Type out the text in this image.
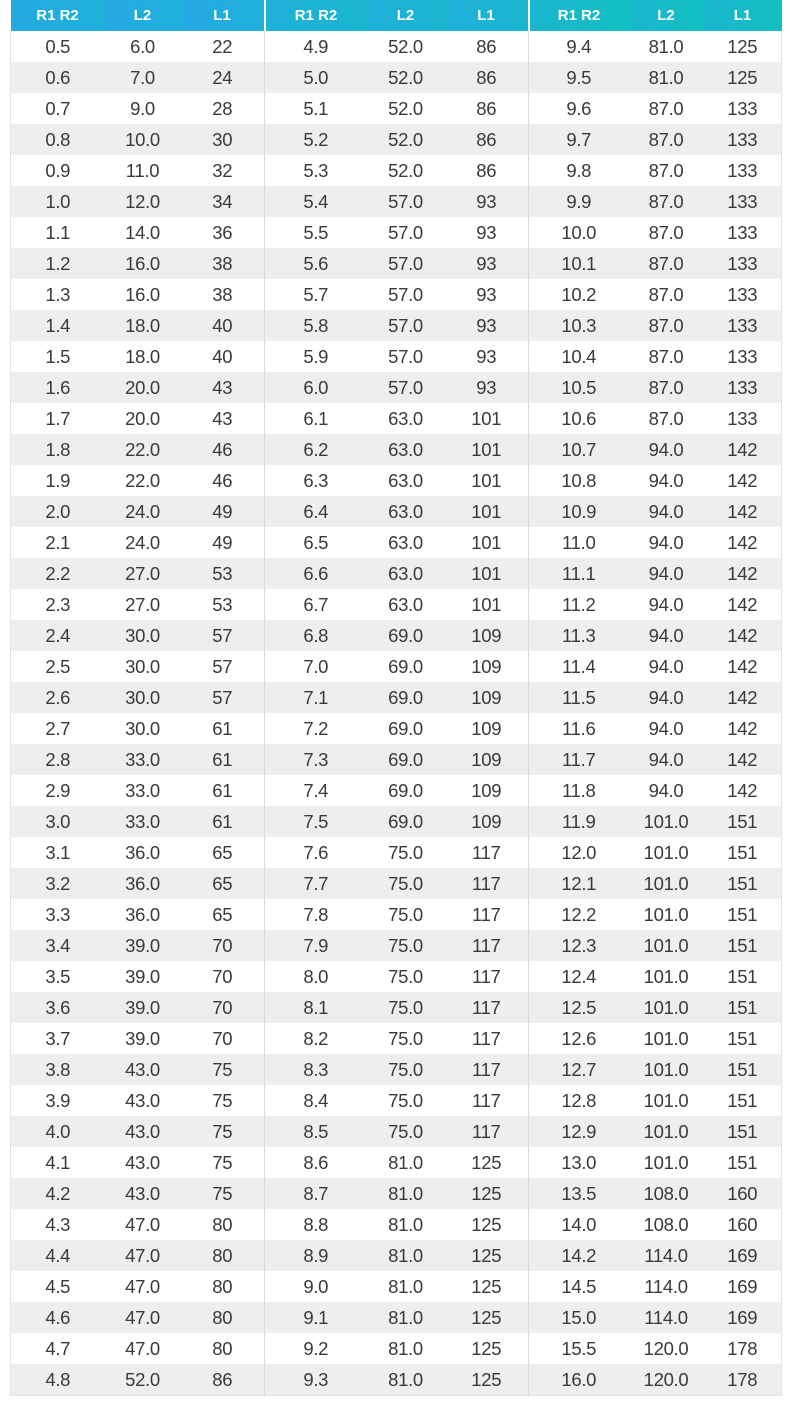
R1 R2	L2	L1	R1 R2	L2	L1	R1 R2	L2	L1
0.5	6.0	22	4.9	52.0	86	9.4	81.0	125
0.6	7.0	24	5.0	52.0	86	9.5	81.0	125
0.7	9.0	28	5.1	52.0	86	9.6	87.0	133
0.8	10.0	30	5.2	52.0	86	9.7	87.0	133
0.9	11.0	32	5.3	52.0	86	9.8	87.0	133
1.0	12.0	34	5.4	57.0	93	9.9	87.0	133
1.1	14.0	36	5.5	57.0	93	10.0	87.0	133
1.2	16.0	38	5.6	57.0	93	10.1	87.0	133
1.3	16.0	38	5.7	57.0	93	10.2	87.0	133
1.4	18.0	40	5.8	57.0	93	10.3	87.0	133
1.5	18.0	40	5.9	57.0	93	10.4	87.0	133
1.6	20.0	43	6.0	57.0	93	10.5	87.0	133
1.7	20.0	43	6.1	63.0	101	10.6	87.0	133
1.8	22.0	46	6.2	63.0	101	10.7	94.0	142
1.9	22.0	46	6.3	63.0	101	10.8	94.0	142
2.0	24.0	49	6.4	63.0	101	10.9	94.0	142
2.1	24.0	49	6.5	63.0	101	11.0	94.0	142
2.2	27.0	53	6.6	63.0	101	11.1	94.0	142
2.3	27.0	53	6.7	63.0	101	11.2	94.0	142
2.4	30.0	57	6.8	69.0	109	11.3	94.0	142
2.5	30.0	57	7.0	69.0	109	11.4	94.0	142
2.6	30.0	57	7.1	69.0	109	11.5	94.0	142
2.7	30.0	61	7.2	69.0	109	11.6	94.0	142
2.8	33.0	61	7.3	69.0	109	11.7	94.0	142
2.9	33.0	61	7.4	69.0	109	11.8	94.0	142
3.0	33.0	61	7.5	69.0	109	11.9	101.0	151
3.1	36.0	65	7.6	75.0	117	12.0	101.0	151
3.2	36.0	65	7.7	75.0	117	12.1	101.0	151
3.3	36.0	65	7.8	75.0	117	12.2	101.0	151
3.4	39.0	70	7.9	75.0	117	12.3	101.0	151
3.5	39.0	70	8.0	75.0	117	12.4	101.0	151
3.6	39.0	70	8.1	75.0	117	12.5	101.0	151
3.7	39.0	70	8.2	75.0	117	12.6	101.0	151
3.8	43.0	75	8.3	75.0	117	12.7	101.0	151
3.9	43.0	75	8.4	75.0	117	12.8	101.0	151
4.0	43.0	75	8.5	75.0	117	12.9	101.0	151
4.1	43.0	75	8.6	81.0	125	13.0	101.0	151
4.2	43.0	75	8.7	81.0	125	13.5	108.0	160
4.3	47.0	80	8.8	81.0	125	14.0	108.0	160
4.4	47.0	80	8.9	81.0	125	14.2	114.0	169
4.5	47.0	80	9.0	81.0	125	14.5	114.0	169
4.6	47.0	80	9.1	81.0	125	15.0	114.0	169
4.7	47.0	80	9.2	81.0	125	15.5	120.0	178
4.8	52.0	86	9.3	81.0	125	16.0	120.0	178
